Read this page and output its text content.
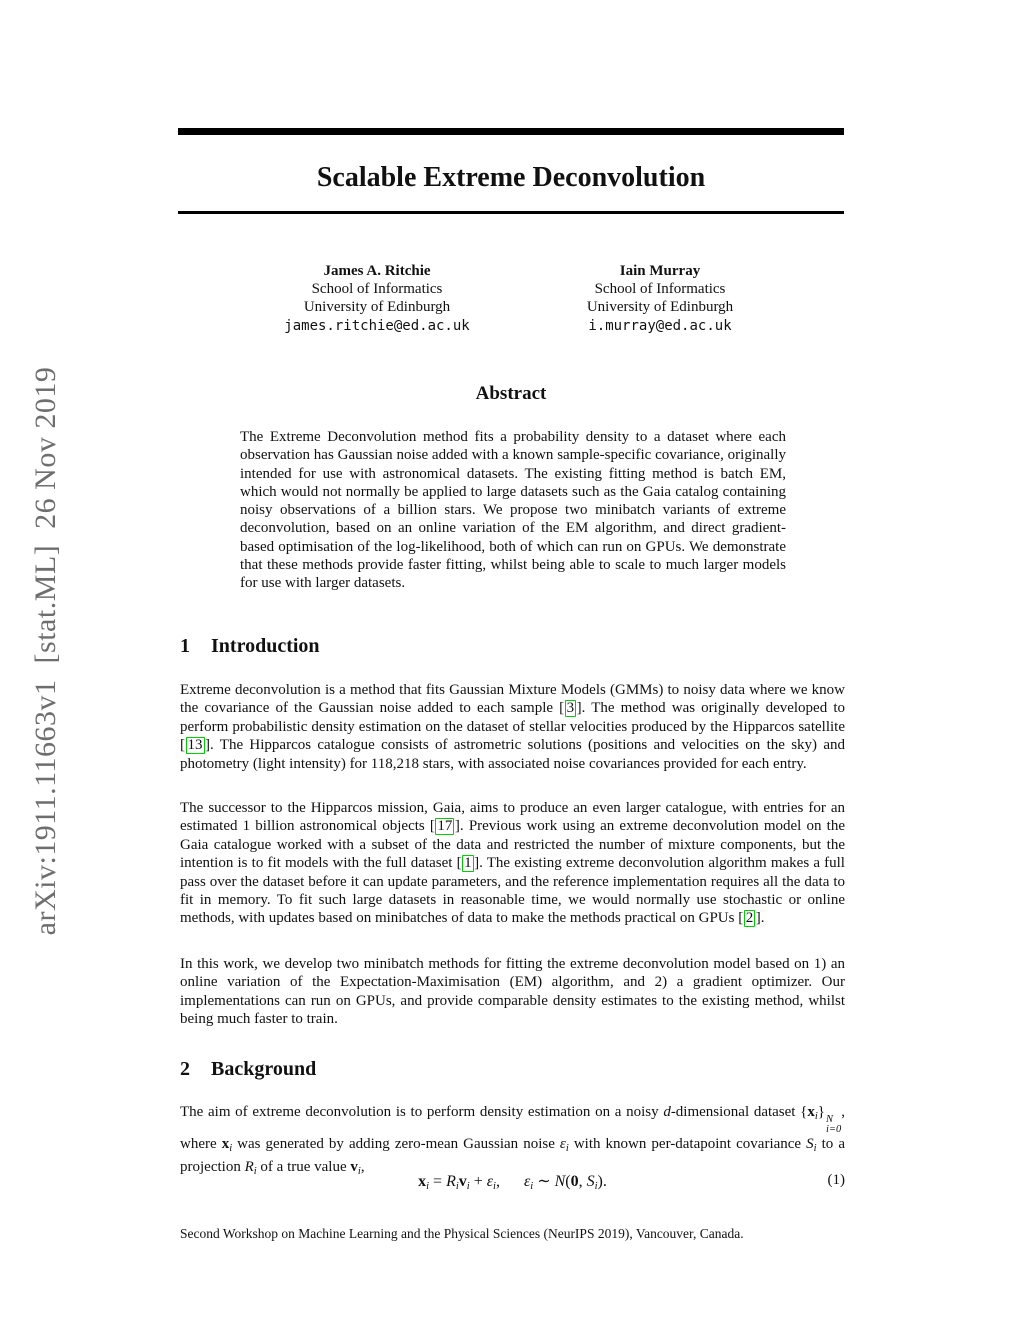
arXiv:1911.11663v1  [stat.ML]  26 Nov 2019
Scalable Extreme Deconvolution
James A. Ritchie
School of Informatics
University of Edinburgh
james.ritchie@ed.ac.uk
Iain Murray
School of Informatics
University of Edinburgh
i.murray@ed.ac.uk
Abstract
The Extreme Deconvolution method fits a probability density to a dataset where each observation has Gaussian noise added with a known sample-specific covariance, originally intended for use with astronomical datasets. The existing fitting method is batch EM, which would not normally be applied to large datasets such as the Gaia catalog containing noisy observations of a billion stars. We propose two minibatch variants of extreme deconvolution, based on an online variation of the EM algorithm, and direct gradient-based optimisation of the log-likelihood, both of which can run on GPUs. We demonstrate that these methods provide faster fitting, whilst being able to scale to much larger models for use with larger datasets.
1 Introduction
Extreme deconvolution is a method that fits Gaussian Mixture Models (GMMs) to noisy data where we know the covariance of the Gaussian noise added to each sample [ 3 ]. The method was originally developed to perform probabilistic density estimation on the dataset of stellar velocities produced by the Hipparcos satellite [ 13 ]. The Hipparcos catalogue consists of astrometric solutions (positions and velocities on the sky) and photometry (light intensity) for 118,218 stars, with associated noise covariances provided for each entry.
The successor to the Hipparcos mission, Gaia, aims to produce an even larger catalogue, with entries for an estimated 1 billion astronomical objects [ 17 ]. Previous work using an extreme deconvolution model on the Gaia catalogue worked with a subset of the data and restricted the number of mixture components, but the intention is to fit models with the full dataset [ 1 ]. The existing extreme deconvolution algorithm makes a full pass over the dataset before it can update parameters, and the reference implementation requires all the data to fit in memory. To fit such large datasets in reasonable time, we would normally use stochastic or online methods, with updates based on minibatches of data to make the methods practical on GPUs [ 2 ].
In this work, we develop two minibatch methods for fitting the extreme deconvolution model based on 1) an online variation of the Expectation-Maximisation (EM) algorithm, and 2) a gradient optimizer. Our implementations can run on GPUs, and provide comparable density estimates to the existing method, whilst being much faster to train.
2 Background
The aim of extreme deconvolution is to perform density estimation on a noisy d-dimensional dataset $\{x_i\}$ N
i=0
, where $x_i$ was generated by adding zero-mean Gaussian noise $\varepsilon_i$ with known per-datapoint covariance $S_i$ to a projection $R_i$ of a true value $v_i$,
$x_i = R_iv_i + \varepsilon_i$,  $\varepsilon_i$ ∼ N(0, $S_i$).	(1)
Second Workshop on Machine Learning and the Physical Sciences (NeurIPS 2019), Vancouver, Canada.
